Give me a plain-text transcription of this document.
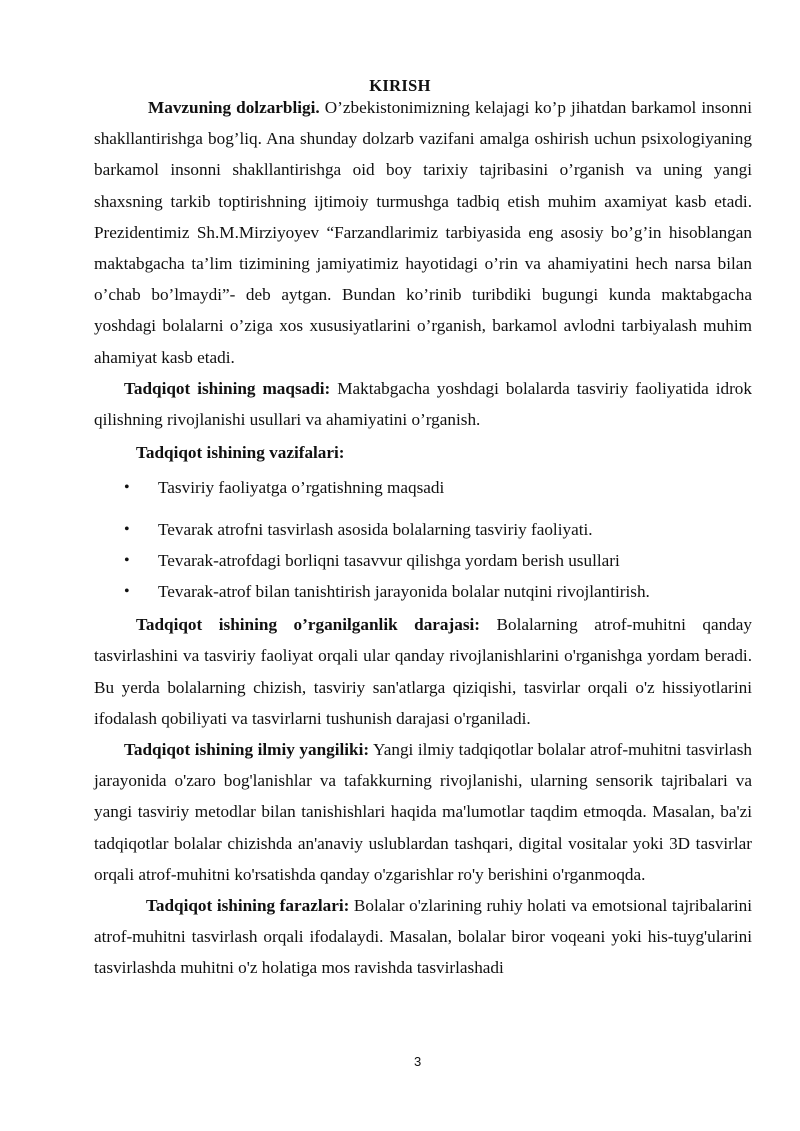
KIRISH

Mavzuning dolzarbligi. O’zbekistonimizning kelajagi ko’p jihatdan barkamol insonni shakllantirishga bog’liq. Ana shunday dolzarb vazifani amalga oshirish uchun psixologiyaning barkamol insonni shakllantirishga oid boy tarixiy tajribasini o’rganish va uning yangi shaxsning tarkib toptirishning ijtimoiy turmushga tadbiq etish muhim axamiyat kasb etadi. Prezidentimiz Sh.M.Mirziyoyev “Farzandlarimiz tarbiyasida eng asosiy bo’g’in hisoblangan maktabgacha ta’lim tizimining jamiyatimiz hayotidagi o’rin va ahamiyatini hech narsa bilan o’chab bo’lmaydi”- deb aytgan. Bundan ko’rinib turibdiki bugungi kunda maktabgacha yoshdagi bolalarni o’ziga xos xususiyatlarini o’rganish, barkamol avlodni tarbiyalash muhim ahamiyat kasb etadi.

Tadqiqot ishining maqsadi: Maktabgacha yoshdagi bolalarda tasviriy faoliyatida idrok qilishning rivojlanishi usullari va ahamiyatini o’rganish.

Tadqiqot ishining vazifalari:

• Tasviriy faoliyatga o’rgatishning maqsadi
• Tevarak atrofni tasvirlash asosida bolalarning tasviriy faoliyati.
• Tevarak-atrofdagi borliqni tasavvur qilishga yordam berish usullari
• Tevarak-atrof bilan tanishtirish jarayonida bolalar nutqini rivojlantirish.

Tadqiqot ishining o’rganilganlik darajasi: Bolalarning atrof-muhitni qanday tasvirlashini va tasviriy faoliyat orqali ular qanday rivojlanishlarini o'rganishga yordam beradi. Bu yerda bolalarning chizish, tasviriy san'atlarga qiziqishi, tasvirlar orqali o'z hissiyotlarini ifodalash qobiliyati va tasvirlarni tushunish darajasi o'rganiladi.

Tadqiqot ishining ilmiy yangiliki: Yangi ilmiy tadqiqotlar bolalar atrof-muhitni tasvirlash jarayonida o'zaro bog'lanishlar va tafakkurning rivojlanishi, ularning sensorik tajribalari va yangi tasviriy metodlar bilan tanishishlari haqida ma'lumotlar taqdim etmoqda. Masalan, ba'zi tadqiqotlar bolalar chizishda an'anaviy uslublardan tashqari, digital vositalar yoki 3D tasvirlar orqali atrof-muhitni ko'rsatishda qanday o'zgarishlar ro'y berishini o'rganmoqda.

Tadqiqot ishining farazlari: Bolalar o'zlarining ruhiy holati va emotsional tajribalarini atrof-muhitni tasvirlash orqali ifodalaydi. Masalan, bolalar biror voqeani yoki his-tuyg'ularini tasvirlashda muhitni o'z holatiga mos ravishda tasvirlashadi

3
